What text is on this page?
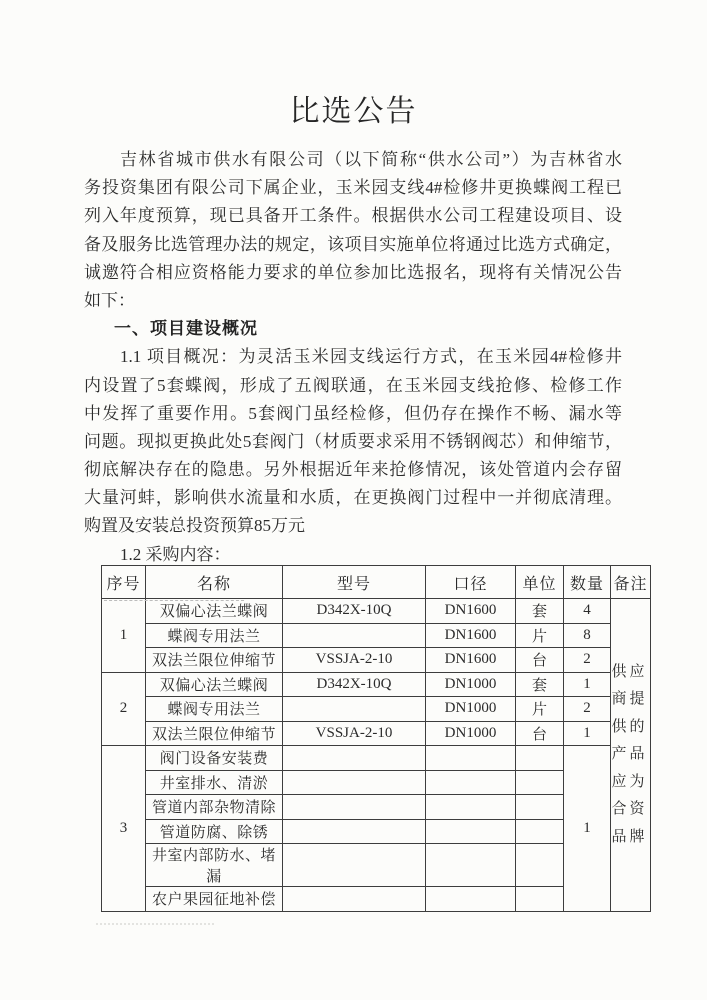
比选公告
吉林省城市供水有限公司（以下简称“供水公司”）为吉林省水
务投资集团有限公司下属企业，玉米园支线4#检修井更换蝶阀工程已
列入年度预算，现已具备开工条件。根据供水公司工程建设项目、设
备及服务比选管理办法的规定，该项目实施单位将通过比选方式确定，
诚邀符合相应资格能力要求的单位参加比选报名，现将有关情况公告
如下：
一、项目建设概况
1.1 项目概况：为灵活玉米园支线运行方式，在玉米园4#检修井
内设置了5套蝶阀，形成了五阀联通，在玉米园支线抢修、检修工作
中发挥了重要作用。5套阀门虽经检修，但仍存在操作不畅、漏水等
问题。现拟更换此处5套阀门（材质要求采用不锈钢阀芯）和伸缩节，
彻底解决存在的隐患。另外根据近年来抢修情况，该处管道内会存留
大量河蚌，影响供水流量和水质，在更换阀门过程中一并彻底清理。
购置及安装总投资预算85万元
1.2 采购内容：
序号	名称	型号	口径	单位	数量	备注
1	双偏心法兰蝶阀	D342X-10Q	DN1600	套	4	供应商提供的产品应为合资品牌

	蝶阀专用法兰		DN1600	片	8	
	双法兰限位伸缩节	VSSJA-2-10	DN1600	台	2	
2	双偏心法兰蝶阀	D342X-10Q	DN1000	套	1	
	蝶阀专用法兰		DN1000	片	2	
	双法兰限位伸缩节	VSSJA-2-10	DN1000	台	1	
3	阀门设备安装费				1	
	井室排水、清淤					
	管道内部杂物清除					
	管道防腐、除锈					
	井室内部防水、堵漏					
	农户果园征地补偿					
